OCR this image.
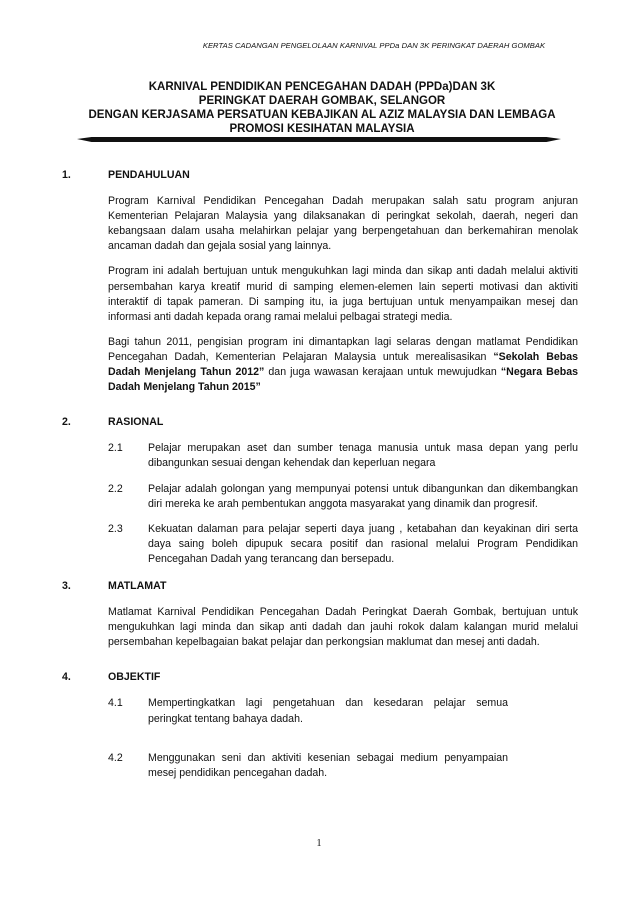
KERTAS CADANGAN PENGELOLAAN KARNIVAL PPDa DAN 3K PERINGKAT DAERAH GOMBAK
KARNIVAL PENDIDIKAN PENCEGAHAN DADAH (PPDa)DAN 3K
PERINGKAT DAERAH GOMBAK, SELANGOR
DENGAN KERJASAMA PERSATUAN KEBAJIKAN AL AZIZ MALAYSIA DAN LEMBAGA
PROMOSI KESIHATAN MALAYSIA
1.	PENDAHULUAN
Program Karnival Pendidikan Pencegahan Dadah merupakan salah satu program anjuran Kementerian Pelajaran Malaysia yang dilaksanakan di peringkat sekolah, daerah, negeri dan kebangsaan dalam usaha melahirkan pelajar yang berpengetahuan dan berkemahiran menolak ancaman dadah dan gejala sosial yang lainnya.
Program ini adalah bertujuan untuk mengukuhkan lagi minda dan sikap anti dadah melalui aktiviti persembahan karya kreatif murid di samping elemen-elemen lain seperti motivasi dan aktiviti interaktif di tapak pameran. Di samping itu, ia juga bertujuan untuk menyampaikan mesej dan informasi anti dadah kepada orang ramai melalui pelbagai strategi media.
Bagi tahun 2011, pengisian program ini dimantapkan lagi selaras dengan matlamat Pendidikan Pencegahan Dadah, Kementerian Pelajaran Malaysia untuk merealisasikan “Sekolah Bebas Dadah Menjelang Tahun 2012” dan juga wawasan kerajaan untuk mewujudkan “Negara Bebas Dadah Menjelang Tahun 2015”
2.	RASIONAL
2.1	Pelajar merupakan aset dan sumber tenaga manusia untuk masa depan yang perlu dibangunkan sesuai dengan kehendak dan keperluan negara
2.2	Pelajar adalah golongan yang mempunyai potensi untuk dibangunkan dan dikembangkan diri mereka ke arah pembentukan anggota masyarakat yang dinamik dan progresif.
2.3	Kekuatan dalaman para pelajar seperti daya juang , ketabahan dan keyakinan diri serta daya saing boleh dipupuk secara positif dan rasional melalui Program Pendidikan Pencegahan Dadah yang terancang dan bersepadu.
3.	MATLAMAT
Matlamat Karnival Pendidikan Pencegahan Dadah Peringkat Daerah Gombak, bertujuan untuk mengukuhkan lagi minda dan sikap anti dadah dan jauhi rokok dalam kalangan murid melalui persembahan kepelbagaian bakat pelajar dan perkongsian maklumat dan mesej anti dadah.
4.	OBJEKTIF
4.1	Mempertingkatkan lagi pengetahuan dan kesedaran pelajar semua peringkat tentang bahaya dadah.
4.2	Menggunakan seni dan aktiviti kesenian sebagai medium penyampaian mesej pendidikan pencegahan dadah.
1
